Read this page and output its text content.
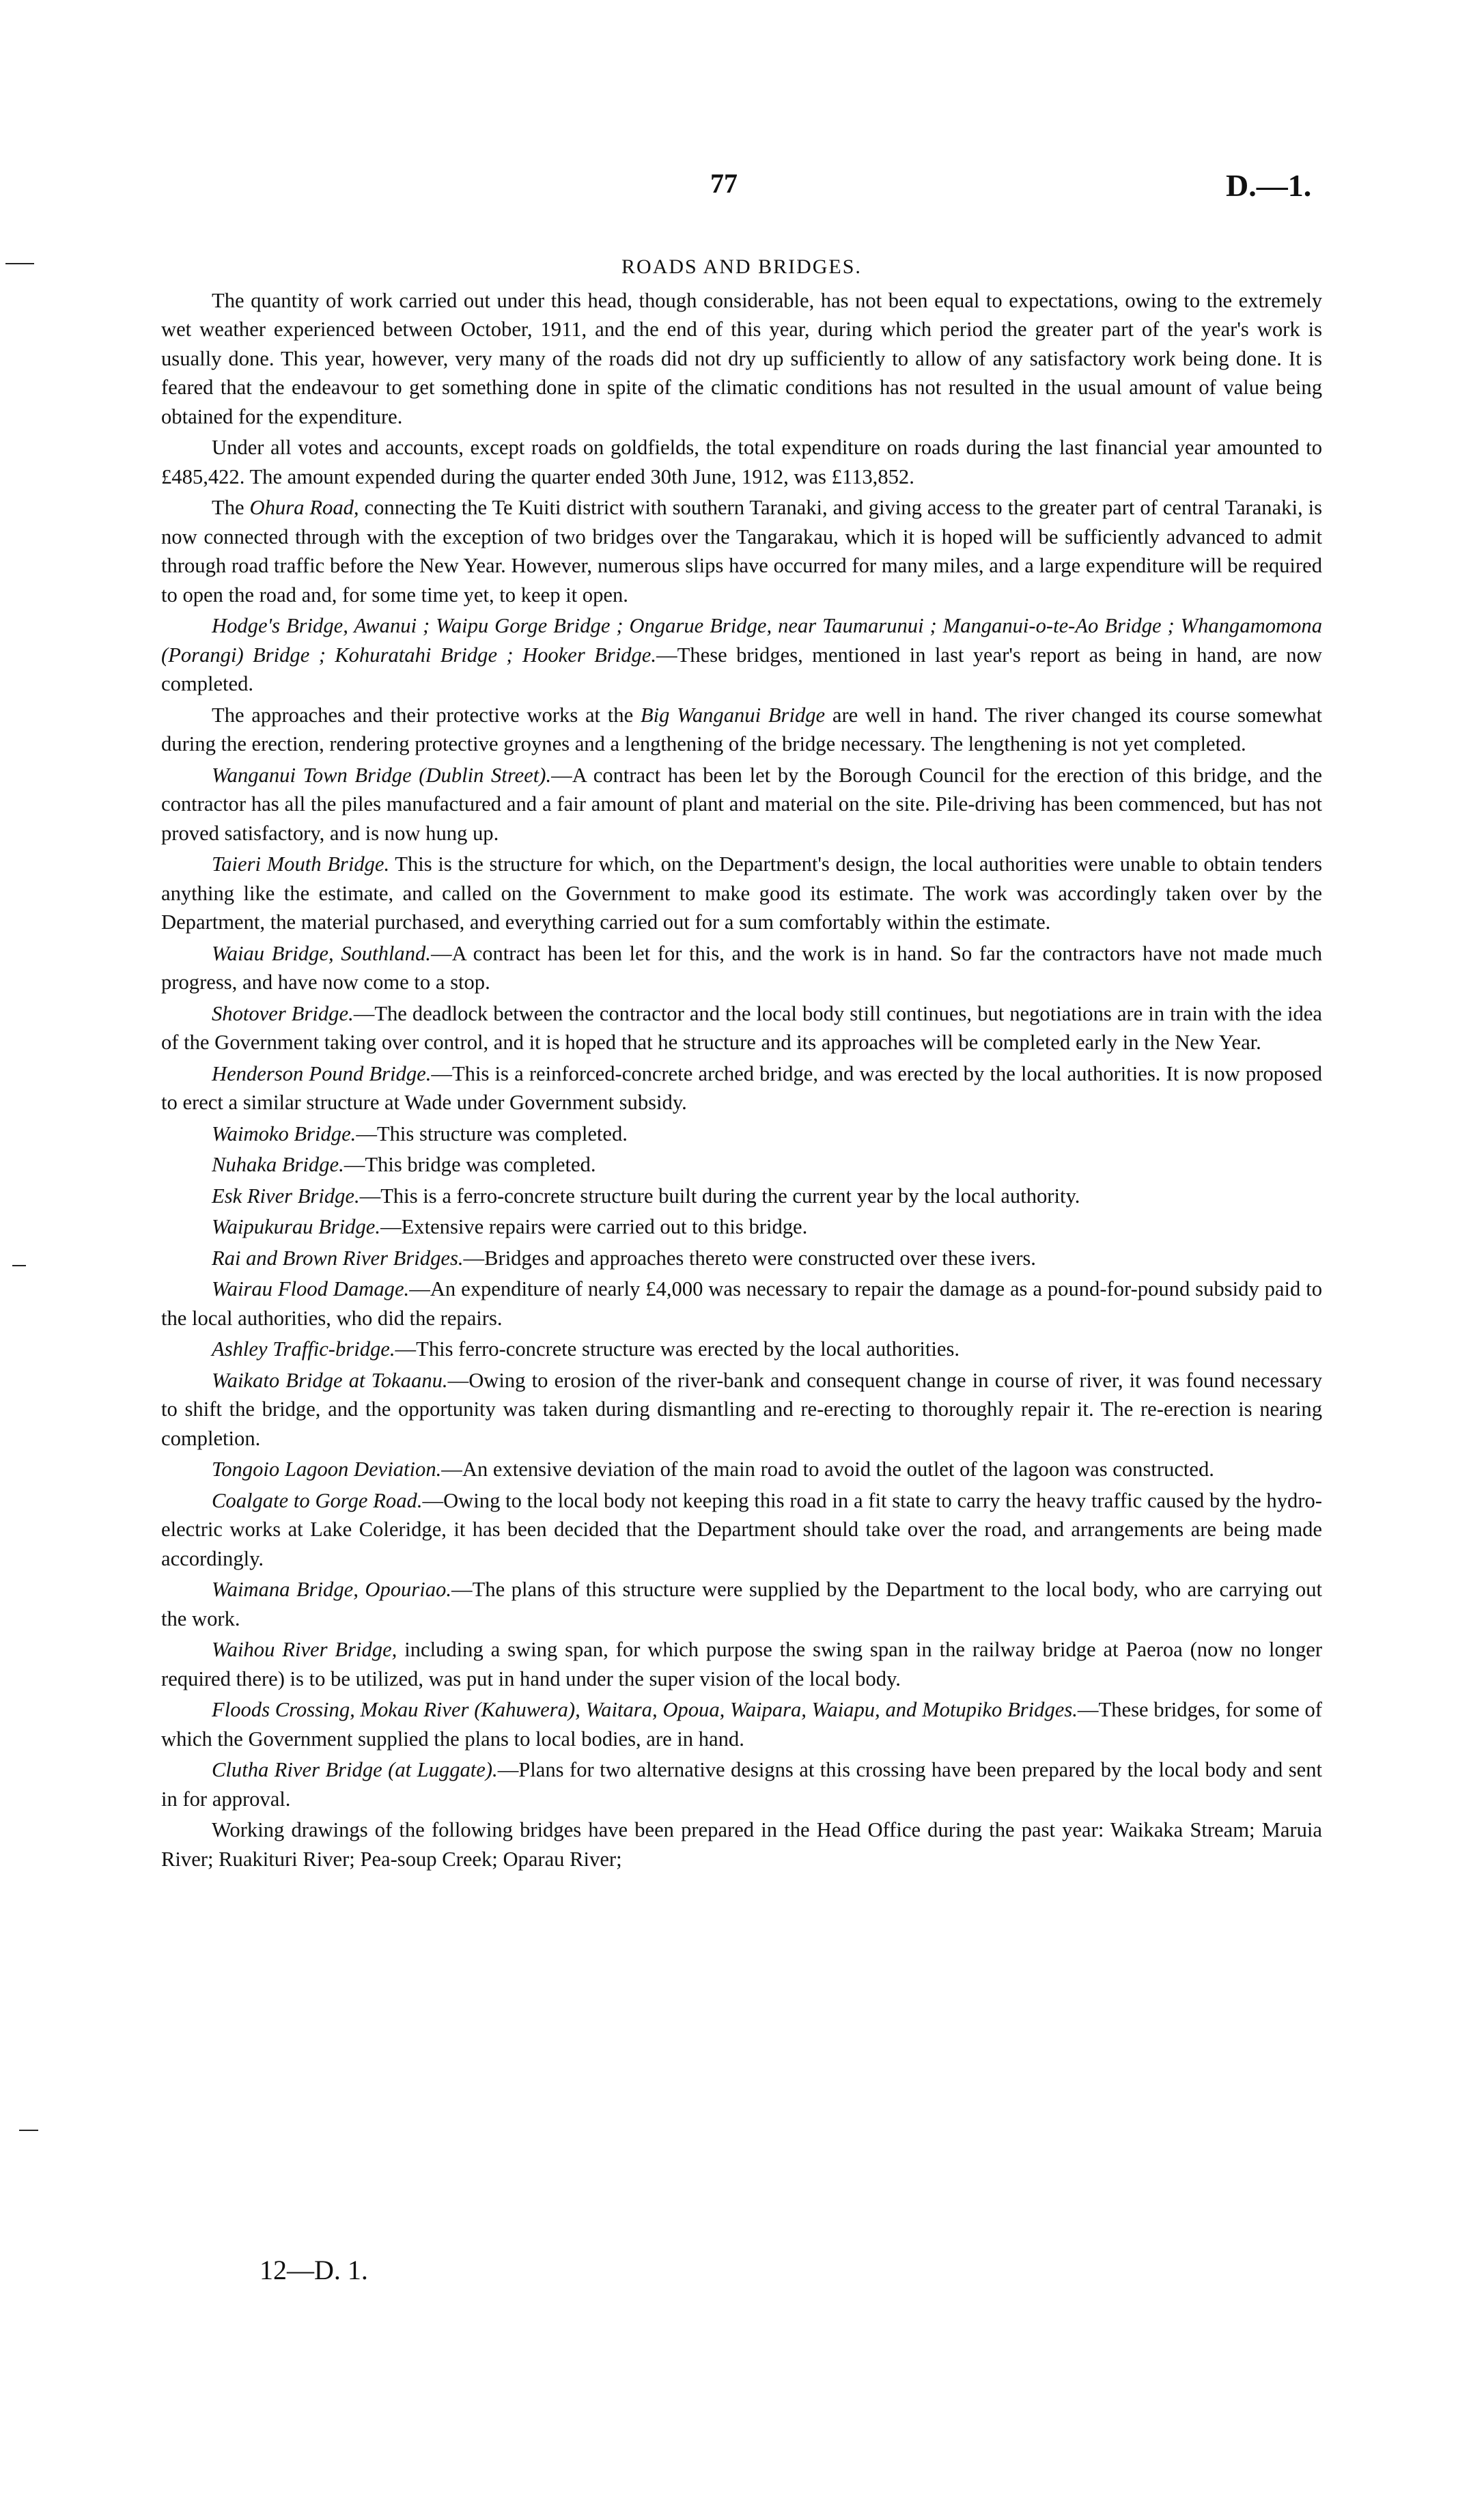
77	D.—1.
ROADS AND BRIDGES.

The quantity of work carried out under this head, though considerable, has not been equal to expectations, owing to the extremely wet weather experienced between October, 1911, and the end of this year, during which period the greater part of the year's work is usually done. This year, however, very many of the roads did not dry up sufficiently to allow of any satisfactory work being done. It is feared that the endeavour to get something done in spite of the climatic conditions has not resulted in the usual amount of value being obtained for the expenditure.

Under all votes and accounts, except roads on goldfields, the total expenditure on roads during the last financial year amounted to £485,422. The amount expended during the quarter ended 30th June, 1912, was £113,852.

The Ohura Road, connecting the Te Kuiti district with southern Taranaki, and giving access to the greater part of central Taranaki, is now connected through with the exception of two bridges over the Tangarakau, which it is hoped will be sufficiently advanced to admit through road traffic before the New Year. However, numerous slips have occurred for many miles, and a large expenditure will be required to open the road and, for some time yet, to keep it open.

Hodge's Bridge, Awanui ; Waipu Gorge Bridge ; Ongarue Bridge, near Taumarunui ; Manganui-o-te-Ao Bridge ; Whangamomona (Porangi) Bridge ; Kohuratahi Bridge ; Hooker Bridge.—These bridges, mentioned in last year's report as being in hand, are now completed.

The approaches and their protective works at the Big Wanganui Bridge are well in hand. The river changed its course somewhat during the erection, rendering protective groynes and a lengthening of the bridge necessary. The lengthening is not yet completed.

Wanganui Town Bridge (Dublin Street).—A contract has been let by the Borough Council for the erection of this bridge, and the contractor has all the piles manufactured and a fair amount of plant and material on the site. Pile-driving has been commenced, but has not proved satisfactory, and is now hung up.

Taieri Mouth Bridge. This is the structure for which, on the Department's design, the local authorities were unable to obtain tenders anything like the estimate, and called on the Government to make good its estimate. The work was accordingly taken over by the Department, the material purchased, and everything carried out for a sum comfortably within the estimate.

Waiau Bridge, Southland.—A contract has been let for this, and the work is in hand. So far the contractors have not made much progress, and have now come to a stop.

Shotover Bridge.—The deadlock between the contractor and the local body still continues, but negotiations are in train with the idea of the Government taking over control, and it is hoped that he structure and its approaches will be completed early in the New Year.

Henderson Pound Bridge.—This is a reinforced-concrete arched bridge, and was erected by the local authorities. It is now proposed to erect a similar structure at Wade under Government subsidy.

Waimoko Bridge.—This structure was completed.

Nuhaka Bridge.—This bridge was completed.

Esk River Bridge.—This is a ferro-concrete structure built during the current year by the local authority.

Waipukurau Bridge.—Extensive repairs were carried out to this bridge.

Rai and Brown River Bridges.—Bridges and approaches thereto were constructed over these ivers.

Wairau Flood Damage.—An expenditure of nearly £4,000 was necessary to repair the damage as a pound-for-pound subsidy paid to the local authorities, who did the repairs.

Ashley Traffic-bridge.—This ferro-concrete structure was erected by the local authorities.

Waikato Bridge at Tokaanu.—Owing to erosion of the river-bank and consequent change in course of river, it was found necessary to shift the bridge, and the opportunity was taken during dismantling and re-erecting to thoroughly repair it. The re-erection is nearing completion.

Tongoio Lagoon Deviation.—An extensive deviation of the main road to avoid the outlet of the lagoon was constructed.

Coalgate to Gorge Road.—Owing to the local body not keeping this road in a fit state to carry the heavy traffic caused by the hydro-electric works at Lake Coleridge, it has been decided that the Department should take over the road, and arrangements are being made accordingly.

Waimana Bridge, Opouriao.—The plans of this structure were supplied by the Department to the local body, who are carrying out the work.

Waihou River Bridge, including a swing span, for which purpose the swing span in the railway bridge at Paeroa (now no longer required there) is to be utilized, was put in hand under the super vision of the local body.

Floods Crossing, Mokau River (Kahuwera), Waitara, Opoua, Waipara, Waiapu, and Motupiko Bridges.—These bridges, for some of which the Government supplied the plans to local bodies, are in hand.

Clutha River Bridge (at Luggate).—Plans for two alternative designs at this crossing have been prepared by the local body and sent in for approval.

Working drawings of the following bridges have been prepared in the Head Office during the past year: Waikaka Stream; Maruia River; Ruakituri River; Pea-soup Creek; Oparau River;

12—D. 1.
